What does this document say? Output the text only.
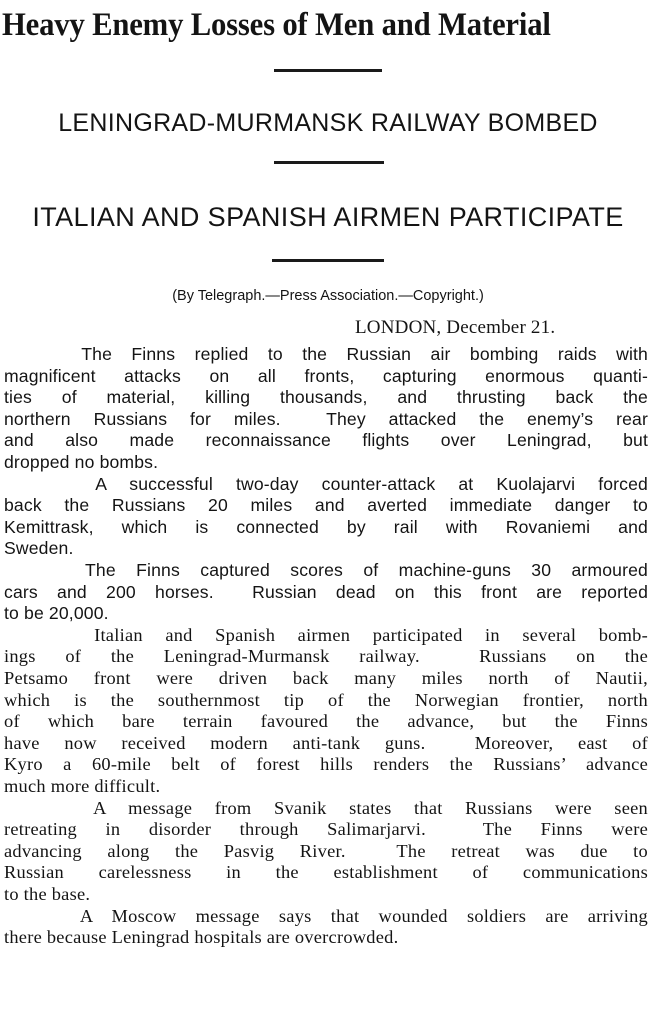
Heavy Enemy Losses of Men and Material
LENINGRAD-MURMANSK RAILWAY BOMBED
ITALIAN AND SPANISH AIRMEN PARTICIPATE
(By Telegraph.—Press Association.—Copyright.)
LONDON, December 21.
The Finns replied to the Russian air bombing raids with
magnificent attacks on all fronts, capturing enormous quanti-
ties of material, killing thousands, and thrusting back the
northern Russians for miles.  They attacked the enemy’s rear
and also made reconnaissance flights over Leningrad, but
dropped no bombs.
A successful two-day counter-attack at Kuolajarvi forced
back the Russians 20 miles and averted immediate danger to
Kemittrask, which is connected by rail with Rovaniemi and
Sweden.
The Finns captured scores of machine-guns 30 armoured
cars and 200 horses.  Russian dead on this front are reported
to be 20,000.
Italian and Spanish airmen participated in several bomb-
ings of the Leningrad-Murmansk railway.  Russians on the
Petsamo front were driven back many miles north of Nautii,
which is the southernmost tip of the Norwegian frontier, north
of which bare terrain favoured the advance, but the Finns
have now received modern anti-tank guns.  Moreover, east of
Kyro a 60-mile belt of forest hills renders the Russians’ advance
much more difficult.
A message from Svanik states that Russians were seen
retreating in disorder through Salimarjarvi.  The Finns were
advancing along the Pasvig River.  The retreat was due to
Russian carelessness in the establishment of communications
to the base.
A Moscow message says that wounded soldiers are arriving
there because Leningrad hospitals are overcrowded.
